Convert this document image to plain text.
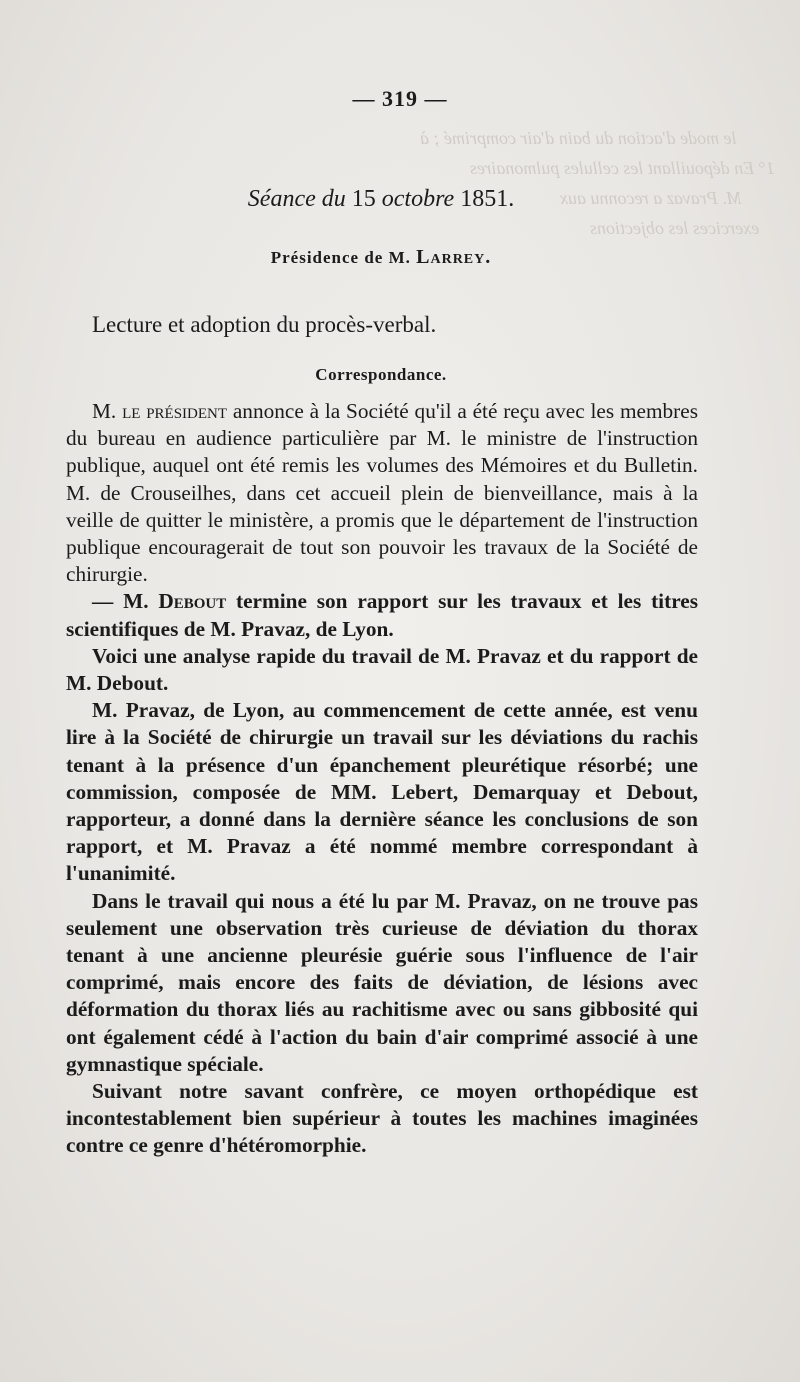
le mode d'action du bain d'air comprimé ; à
1° En dépouillant les cellules pulmonaires
M. Pravaz a reconnu aux
exercices les objections
— 319 —
Séance du 15 octobre 1851.
Présidence de M. Larrey.
Lecture et adoption du procès-verbal.
Correspondance.

M. le président annonce à la Société qu'il a été reçu avec les membres du bureau en audience particulière par M. le ministre de l'instruction publique, auquel ont été remis les volumes des Mémoires et du Bulletin. M. de Crouseilhes, dans cet accueil plein de bienveillance, mais à la veille de quitter le ministère, a promis que le département de l'instruction publique encouragerait de tout son pouvoir les travaux de la Société de chirurgie.

— M. Debout termine son rapport sur les travaux et les titres scientifiques de M. Pravaz, de Lyon.

Voici une analyse rapide du travail de M. Pravaz et du rapport de M. Debout.

M. Pravaz, de Lyon, au commencement de cette année, est venu lire à la Société de chirurgie un travail sur les déviations du rachis tenant à la présence d'un épanchement pleurétique résorbé; une commission, composée de MM. Lebert, Demarquay et Debout, rapporteur, a donné dans la dernière séance les conclusions de son rapport, et M. Pravaz a été nommé membre correspondant à l'unanimité.

Dans le travail qui nous a été lu par M. Pravaz, on ne trouve pas seulement une observation très curieuse de déviation du thorax tenant à une ancienne pleurésie guérie sous l'influence de l'air comprimé, mais encore des faits de déviation, de lésions avec déformation du thorax liés au rachitisme avec ou sans gibbosité qui ont également cédé à l'action du bain d'air comprimé associé à une gymnastique spéciale.

Suivant notre savant confrère, ce moyen orthopédique est incontestablement bien supérieur à toutes les machines imaginées contre ce genre d'hétéromorphie.
